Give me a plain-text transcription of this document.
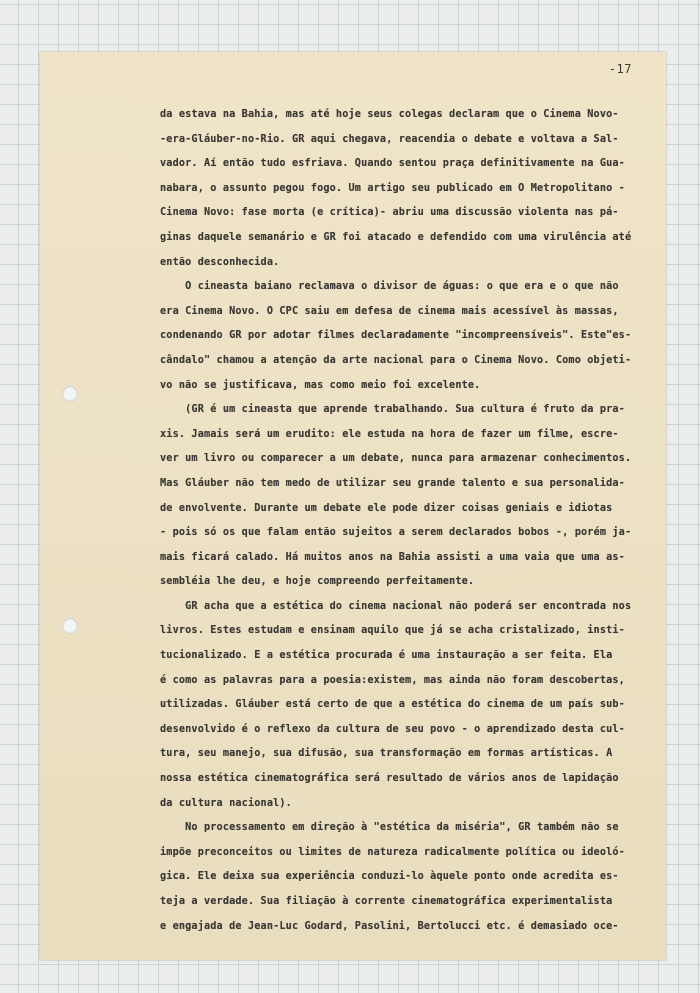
-17
da estava na Bahia, mas até hoje seus colegas declaram que o Cinema Novo-
-era-Gláuber-no-Rio. GR aqui chegava, reacendia o debate e voltava a Sal-
vador. Aí então tudo esfriava. Quando sentou praça definitivamente na Gua-
nabara, o assunto pegou fogo. Um artigo seu publicado em O Metropolitano -
Cinema Novo: fase morta (e crítica)- abriu uma discussão violenta nas pá-
ginas daquele semanário e GR foi atacado e defendido com uma virulência até
então desconhecida.
O cineasta baiano reclamava o divisor de águas: o que era e o que não
era Cinema Novo. O CPC saiu em defesa de cinema mais acessível às massas,
condenando GR por adotar filmes declaradamente "incompreensíveis". Este"es-
cândalo" chamou a atenção da arte nacional para o Cinema Novo. Como objeti-
vo não se justificava, mas como meio foi excelente.
(GR é um cineasta que aprende trabalhando. Sua cultura é fruto da pra-
xis. Jamais será um erudito: ele estuda na hora de fazer um filme, escre-
ver um livro ou comparecer a um debate, nunca para armazenar conhecimentos.
Mas Gláuber não tem medo de utilizar seu grande talento e sua personalida-
de envolvente. Durante um debate ele pode dizer coisas geniais e idiotas
- pois só os que falam então sujeitos a serem declarados bobos -, porém ja-
mais ficará calado. Há muitos anos na Bahia assisti a uma vaia que uma as-
sembléia lhe deu, e hoje compreendo perfeitamente.
GR acha que a estética do cinema nacional não poderá ser encontrada nos
livros. Estes estudam e ensinam aquilo que já se acha cristalizado, insti-
tucionalizado. E a estética procurada é uma instauração a ser feita. Ela
é como as palavras para a poesia:existem, mas ainda não foram descobertas,
utilizadas. Gláuber está certo de que a estética do cinema de um país sub-
desenvolvido é o reflexo da cultura de seu povo - o aprendizado desta cul-
tura, seu manejo, sua difusão, sua transformação em formas artísticas. A
nossa estética cinematográfica será resultado de vários anos de lapidação
da cultura nacional).
No processamento em direção à "estética da miséria", GR também não se
impõe preconceitos ou limites de natureza radicalmente política ou ideoló-
gica. Ele deixa sua experiência conduzi-lo àquele ponto onde acredita es-
teja a verdade. Sua filiação à corrente cinematográfica experimentalista
e engajada de Jean-Luc Godard, Pasolini, Bertolucci etc. é demasiado oce-
